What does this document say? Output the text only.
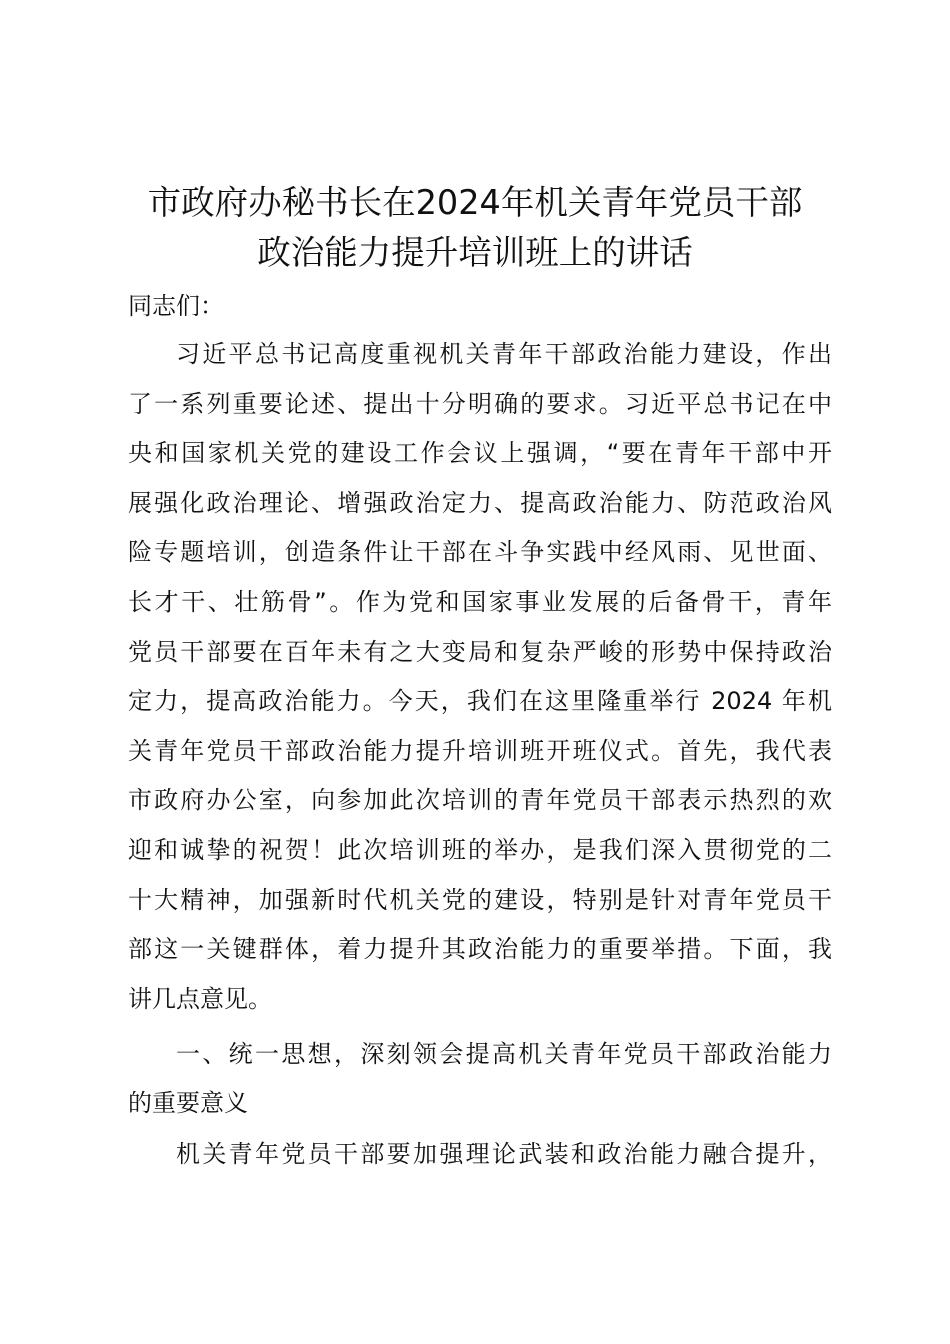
市政府办秘书长在2024年机关青年党员干部
政治能力提升培训班上的讲话
同志们：
习近平总书记高度重视机关青年干部政治能力建设，作出
了一系列重要论述、提出十分明确的要求。习近平总书记在中
央和国家机关党的建设工作会议上强调，“要在青年干部中开
展强化政治理论、增强政治定力、提高政治能力、防范政治风
险专题培训，创造条件让干部在斗争实践中经风雨、见世面、
长才干、壮筋骨”。作为党和国家事业发展的后备骨干，青年
党员干部要在百年未有之大变局和复杂严峻的形势中保持政治
定力，提高政治能力。今天，我们在这里隆重举行 2024 年机
关青年党员干部政治能力提升培训班开班仪式。首先，我代表
市政府办公室，向参加此次培训的青年党员干部表示热烈的欢
迎和诚挚的祝贺！此次培训班的举办，是我们深入贯彻党的二
十大精神，加强新时代机关党的建设，特别是针对青年党员干
部这一关键群体，着力提升其政治能力的重要举措。下面，我
讲几点意见。
一、统一思想，深刻领会提高机关青年党员干部政治能力
的重要意义
机关青年党员干部要加强理论武装和政治能力融合提升，
